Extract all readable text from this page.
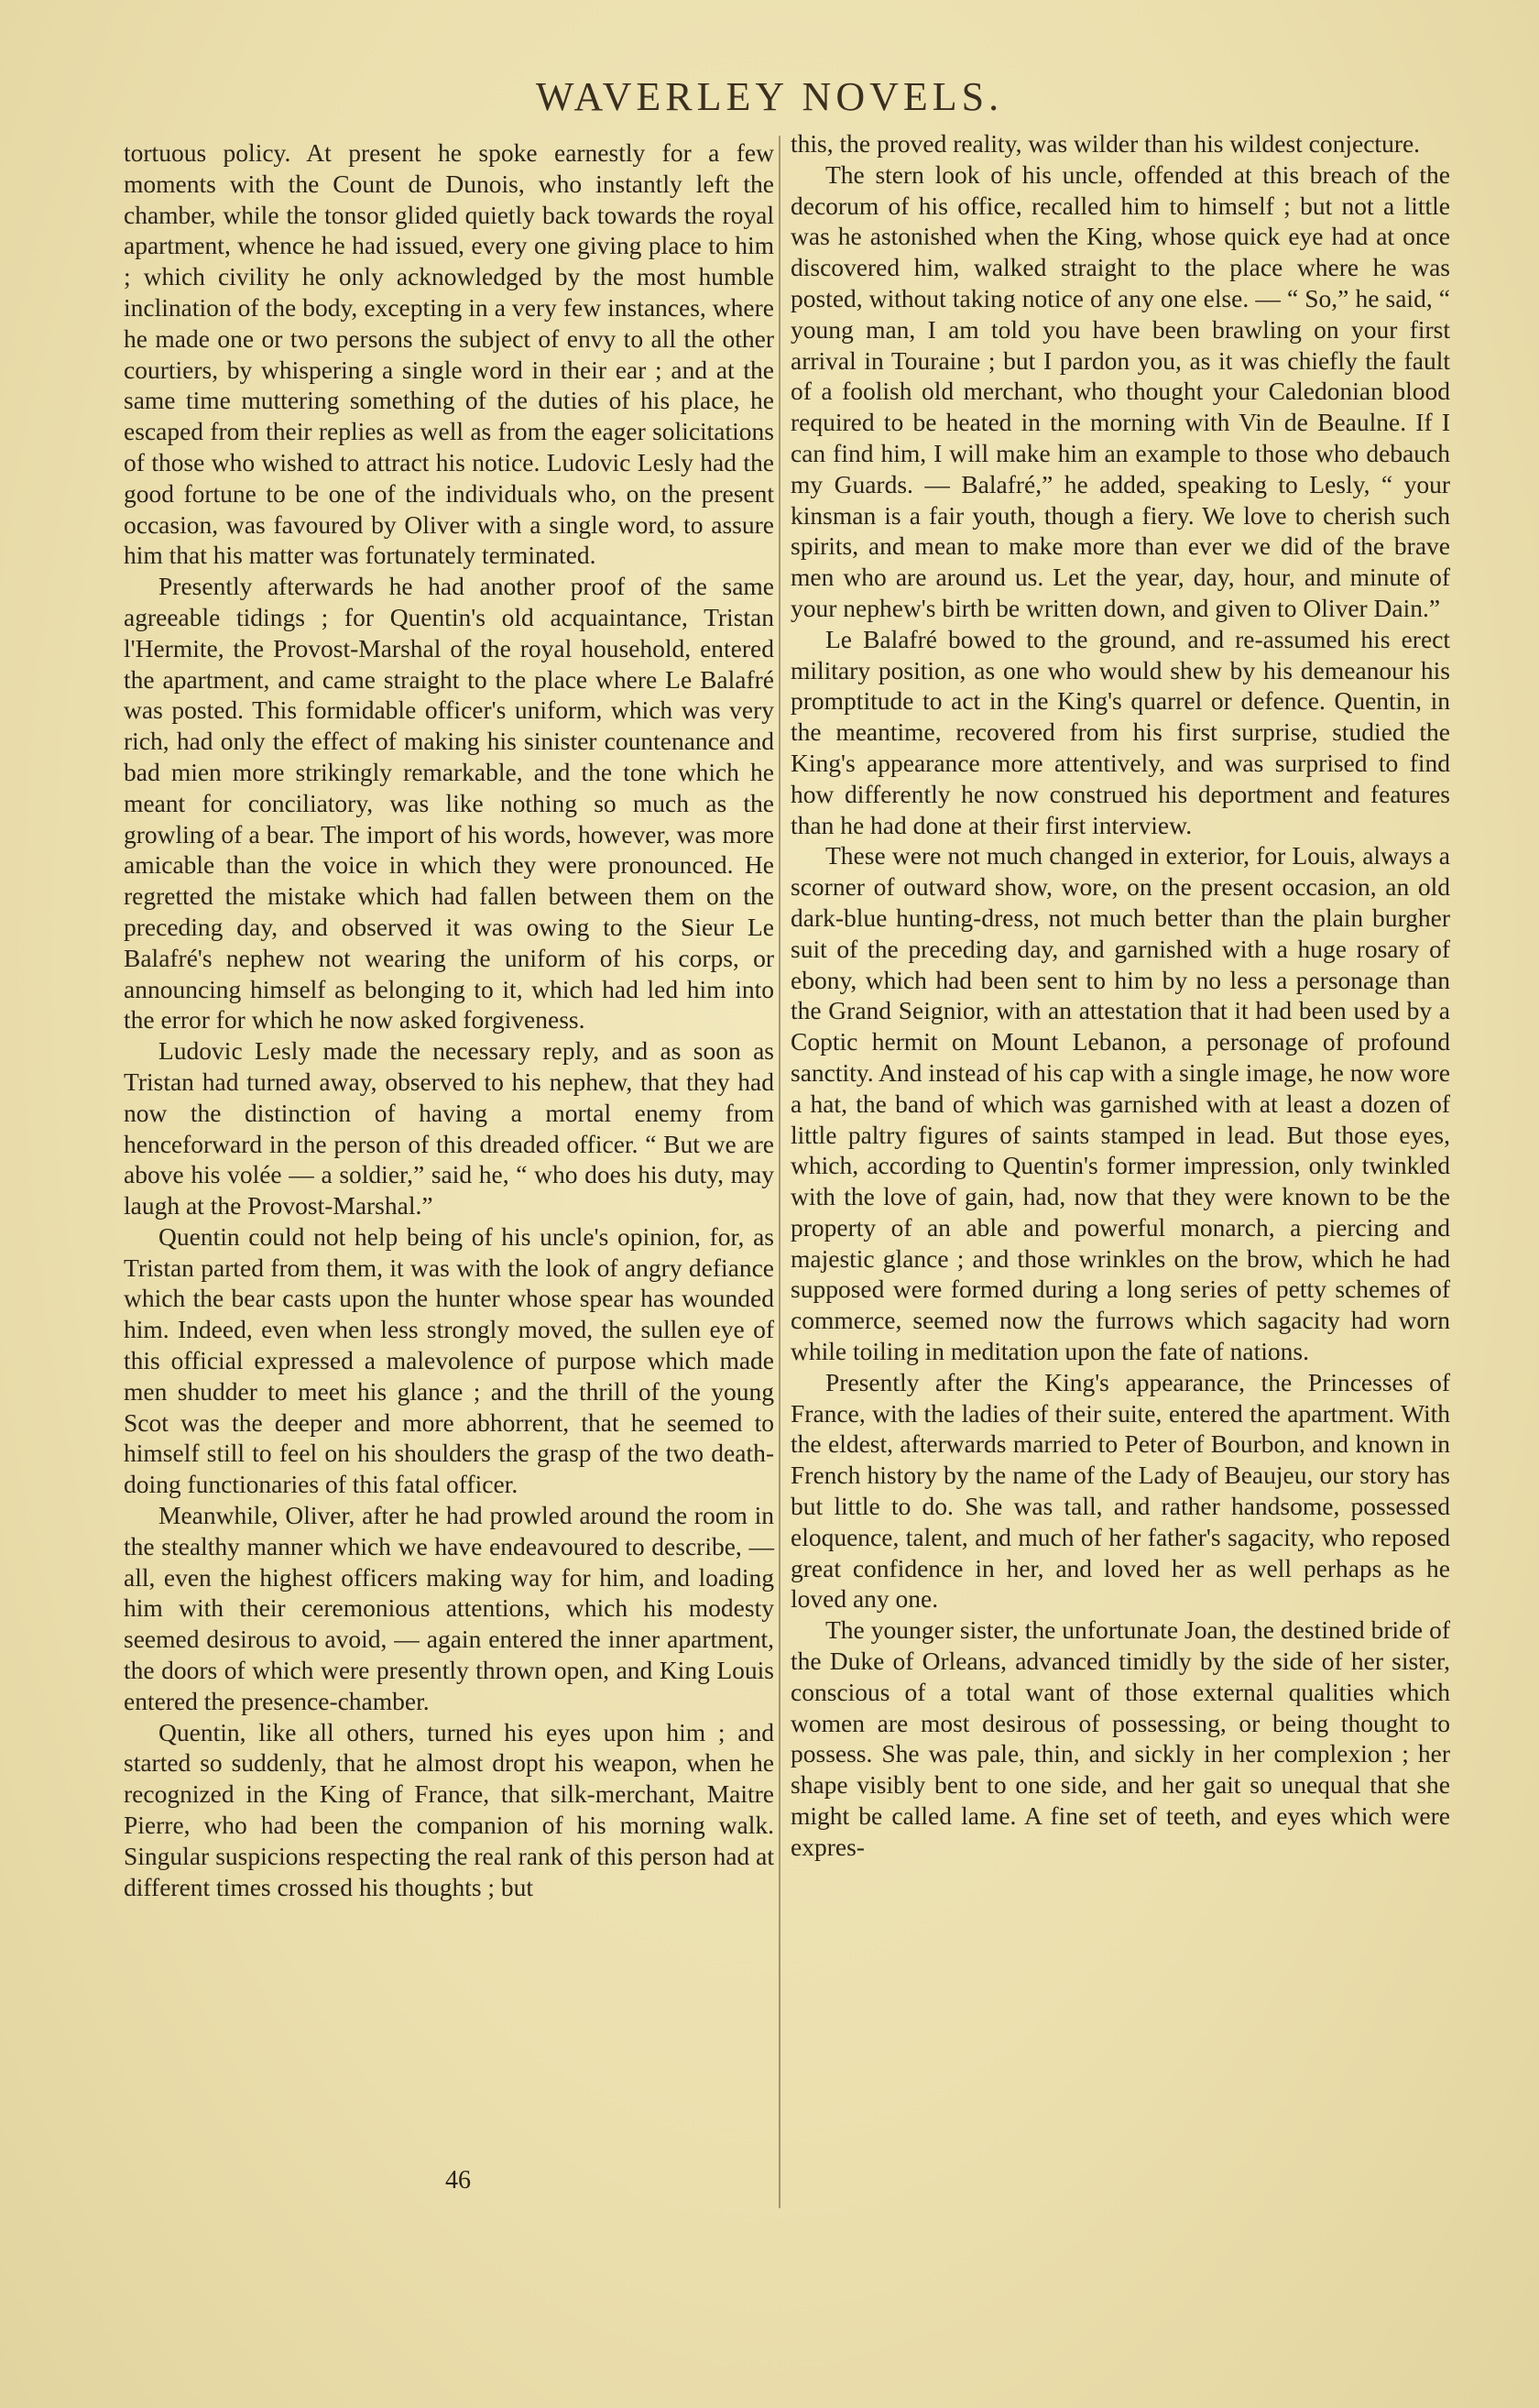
WAVERLEY NOVELS.

tortuous policy. At present he spoke earnestly for a few moments with the Count de Dunois, who instantly left the chamber, while the tonsor glided quietly back towards the royal apartment, whence he had issued, every one giving place to him ; which civility he only acknowledged by the most humble inclination of the body, excepting in a very few instances, where he made one or two persons the subject of envy to all the other courtiers, by whispering a single word in their ear ; and at the same time muttering something of the duties of his place, he escaped from their replies as well as from the eager solicitations of those who wished to attract his notice. Ludovic Lesly had the good fortune to be one of the individuals who, on the present occasion, was favoured by Oliver with a single word, to assure him that his matter was fortunately terminated.

Presently afterwards he had another proof of the same agreeable tidings ; for Quentin's old acquaintance, Tristan l'Hermite, the Provost-Marshal of the royal household, entered the apartment, and came straight to the place where Le Balafré was posted. This formidable officer's uniform, which was very rich, had only the effect of making his sinister countenance and bad mien more strikingly remarkable, and the tone which he meant for conciliatory, was like nothing so much as the growling of a bear. The import of his words, however, was more amicable than the voice in which they were pronounced. He regretted the mistake which had fallen between them on the preceding day, and observed it was owing to the Sieur Le Balafré's nephew not wearing the uniform of his corps, or announcing himself as belonging to it, which had led him into the error for which he now asked forgiveness.

Ludovic Lesly made the necessary reply, and as soon as Tristan had turned away, observed to his nephew, that they had now the distinction of having a mortal enemy from henceforward in the person of this dreaded officer. “ But we are above his volée — a soldier,” said he, “ who does his duty, may laugh at the Provost-Marshal.”

Quentin could not help being of his uncle's opinion, for, as Tristan parted from them, it was with the look of angry defiance which the bear casts upon the hunter whose spear has wounded him. Indeed, even when less strongly moved, the sullen eye of this official expressed a malevolence of purpose which made men shudder to meet his glance ; and the thrill of the young Scot was the deeper and more abhorrent, that he seemed to himself still to feel on his shoulders the grasp of the two death-doing functionaries of this fatal officer.

Meanwhile, Oliver, after he had prowled around the room in the stealthy manner which we have endeavoured to describe, — all, even the highest officers making way for him, and loading him with their ceremonious attentions, which his modesty seemed desirous to avoid, — again entered the inner apartment, the doors of which were presently thrown open, and King Louis entered the presence-chamber.

Quentin, like all others, turned his eyes upon him ; and started so suddenly, that he almost dropt his weapon, when he recognized in the King of France, that silk-merchant, Maitre Pierre, who had been the companion of his morning walk. Singular suspicions respecting the real rank of this person had at different times crossed his thoughts ; but

this, the proved reality, was wilder than his wildest conjecture.

The stern look of his uncle, offended at this breach of the decorum of his office, recalled him to himself ; but not a little was he astonished when the King, whose quick eye had at once discovered him, walked straight to the place where he was posted, without taking notice of any one else. — “ So,” he said, “ young man, I am told you have been brawling on your first arrival in Touraine ; but I pardon you, as it was chiefly the fault of a foolish old merchant, who thought your Caledonian blood required to be heated in the morning with Vin de Beaulne. If I can find him, I will make him an example to those who debauch my Guards. — Balafré,” he added, speaking to Lesly, “ your kinsman is a fair youth, though a fiery. We love to cherish such spirits, and mean to make more than ever we did of the brave men who are around us. Let the year, day, hour, and minute of your nephew's birth be written down, and given to Oliver Dain.”

Le Balafré bowed to the ground, and re-assumed his erect military position, as one who would shew by his demeanour his promptitude to act in the King's quarrel or defence. Quentin, in the meantime, recovered from his first surprise, studied the King's appearance more attentively, and was surprised to find how differently he now construed his deportment and features than he had done at their first interview.

These were not much changed in exterior, for Louis, always a scorner of outward show, wore, on the present occasion, an old dark-blue hunting-dress, not much better than the plain burgher suit of the preceding day, and garnished with a huge rosary of ebony, which had been sent to him by no less a personage than the Grand Seignior, with an attestation that it had been used by a Coptic hermit on Mount Lebanon, a personage of profound sanctity. And instead of his cap with a single image, he now wore a hat, the band of which was garnished with at least a dozen of little paltry figures of saints stamped in lead. But those eyes, which, according to Quentin's former impression, only twinkled with the love of gain, had, now that they were known to be the property of an able and powerful monarch, a piercing and majestic glance ; and those wrinkles on the brow, which he had supposed were formed during a long series of petty schemes of commerce, seemed now the furrows which sagacity had worn while toiling in meditation upon the fate of nations.

Presently after the King's appearance, the Princesses of France, with the ladies of their suite, entered the apartment. With the eldest, afterwards married to Peter of Bourbon, and known in French history by the name of the Lady of Beaujeu, our story has but little to do. She was tall, and rather handsome, possessed eloquence, talent, and much of her father's sagacity, who reposed great confidence in her, and loved her as well perhaps as he loved any one.

The younger sister, the unfortunate Joan, the destined bride of the Duke of Orleans, advanced timidly by the side of her sister, conscious of a total want of those external qualities which women are most desirous of possessing, or being thought to possess. She was pale, thin, and sickly in her complexion ; her shape visibly bent to one side, and her gait so unequal that she might be called lame. A fine set of teeth, and eyes which were expres-

46
